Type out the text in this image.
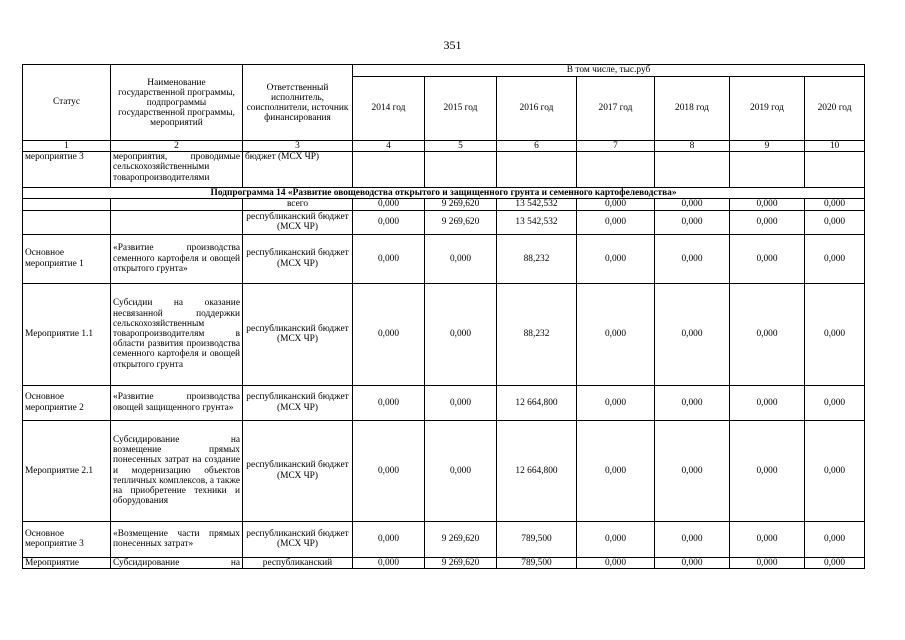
351
Статус	Наименование государственной программы, подпрограммы государственной программы, мероприятий	Ответственный исполнитель, соисполнители, источник финансирования	В том числе, тыс.руб						
			2014 год	2015 год	2016 год	2017 год	2018 год	2019 год	2020 год
1	2	3	4	5	6	7	8	9	10
мероприятие 3	мероприятия, проводимые сельскохозяйственными товаропроизводителями	бюджет (МСХ ЧР)							
Подпрограмма 14 «Развитие овощеводства открытого и защищенного грунта и семенного картофелеводства»									
		всего	0,000	9 269,620	13 542,532	0,000	0,000	0,000	0,000
		республиканский бюджет (МСХ ЧР)	0,000	9 269,620	13 542,532	0,000	0,000	0,000	0,000
Основное мероприятие 1	«Развитие производства семенного картофеля и овощей открытого грунта»	республиканский бюджет (МСХ ЧР)	0,000	0,000	88,232	0,000	0,000	0,000	0,000
Мероприятие 1.1	Субсидии на оказание несвязанной поддержки сельскохозяйственным товаропроизводителям в области развития производства семенного картофеля и овощей открытого грунта	республиканский бюджет (МСХ ЧР)	0,000	0,000	88,232	0,000	0,000	0,000	0,000
Основное мероприятие 2	«Развитие производства овощей защищенного грунта»	республиканский бюджет (МСХ ЧР)	0,000	0,000	12 664,800	0,000	0,000	0,000	0,000
Мероприятие 2.1	Субсидирование на возмещение прямых понесенных затрат на создание и модернизацию объектов тепличных комплексов, а также на приобретение техники и оборудования	республиканский бюджет (МСХ ЧР)	0,000	0,000	12 664,800	0,000	0,000	0,000	0,000
Основное мероприятие 3	«Возмещение части прямых понесенных затрат»	республиканский бюджет (МСХ ЧР)	0,000	9 269,620	789,500	0,000	0,000	0,000	0,000
Мероприятие	Субсидирование на	республиканский	0,000	9 269,620	789,500	0,000	0,000	0,000	0,000
